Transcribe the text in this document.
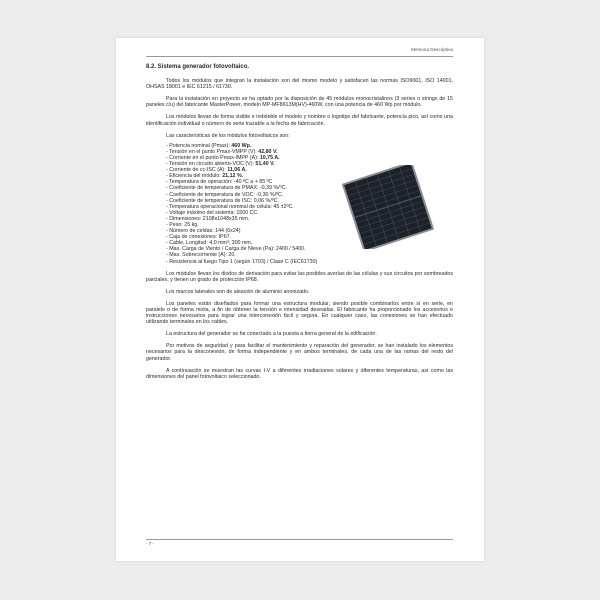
Memoria Descriptiva
8.2. Sistema generador fotovoltaico.

Todos los módulos que integran la instalación son del mismo modelo y satisfacen las normas ISO9001, ISO 14001, OHSAS 18001 e IEC 61215 / 61730.

Para la instalación en proyecto se ha optado por la disposición de 45 módulos monocristalinos (3 series o strings de 15 paneles c/u) del fabricante MasterPower, modelo MP-MF8613M(HV)-460W, con una potencia de 460 Wp por módulo.

Los módulos llevan de forma visible e indeleble el modelo y nombre o logotipo del fabricante, potencia pico, así como una identificación individual o número de serie trazable a la fecha de fabricación.

Las características de los módulos fotovoltaicos son:

- Potencia nominal (Pmax): 460 Wp.
- Tensión en el punto Pmax-VMPP (V): 42,80 V.
- Corriente en el punto Pmax-IMPP (A): 10,75 A.
- Tensión en circuito abierto-VOC (V): 51,40 V.
- Corriente de cc-ISC (A): 11,06 A.
- Eficiencia del módulo: 21,12 %.
- Temperatura de operación: -40 ºC a + 85 ºC
- Coeficiente de temperatura de PMAX: -0,39 %/ºC.
- Coeficiente de temperatura de VOC: -0,30 %/ºC.
- Coeficiente de temperatura de ISC: 0,06 %/ºC.
- Temperatura operacional nominal de célula: 45 ±2ºC.
- Voltaje máximo del sistema: 1500 CC.
- Dimensiones: 2108x1048x35 mm.
- Peso: 25 kg.
- Número de celdas: 144 (6x24)
- Caja de conexiones: IP67.
- Cable, Longitud: 4,0 mm²; 300 mm.
- Max. Carga de Viento / Carga de Nieve (Pa): 2400 / 5400.
- Max. Sobrecorriente (A): 20.
- Resistencia al fuego Tipo 1 (según 1703) / Clase C (IEC61730)

Los módulos llevan los diodos de derivación para evitar las posibles averías de las células y sus circuitos por sombreados parciales, y tienen un grado de protección IP68.

Los marcos laterales son de aleación de aluminio anonizado.

Los paneles están diseñados para formar una estructura modular, siendo posible combinarlos entre sí en serie, en paralelo o de forma mixta, a fin de obtener la tensión e intensidad deseadas. El fabricante ha proporcionado los accesorios e instrucciones necesarios para lograr una interconexión fácil y segura. En cualquier caso, las conexiones se han efectuado utilizando terminales en los cables.

La estructura del generador se ha conectado a la puesta a tierra general de la edificación.

Por motivos de seguridad y para facilitar el mantenimiento y reparación del generador, se han instalado los elementos necesarios para la desconexión, de forma independiente y en ambos terminales, de cada una de las ramas del resto del generador.

A continuación se muestran las curvas I-V a diferentes irradiaciones solares y diferentes temperaturas, así como las dimensiones del panel fotovoltaico seleccionado.

- 7 -
